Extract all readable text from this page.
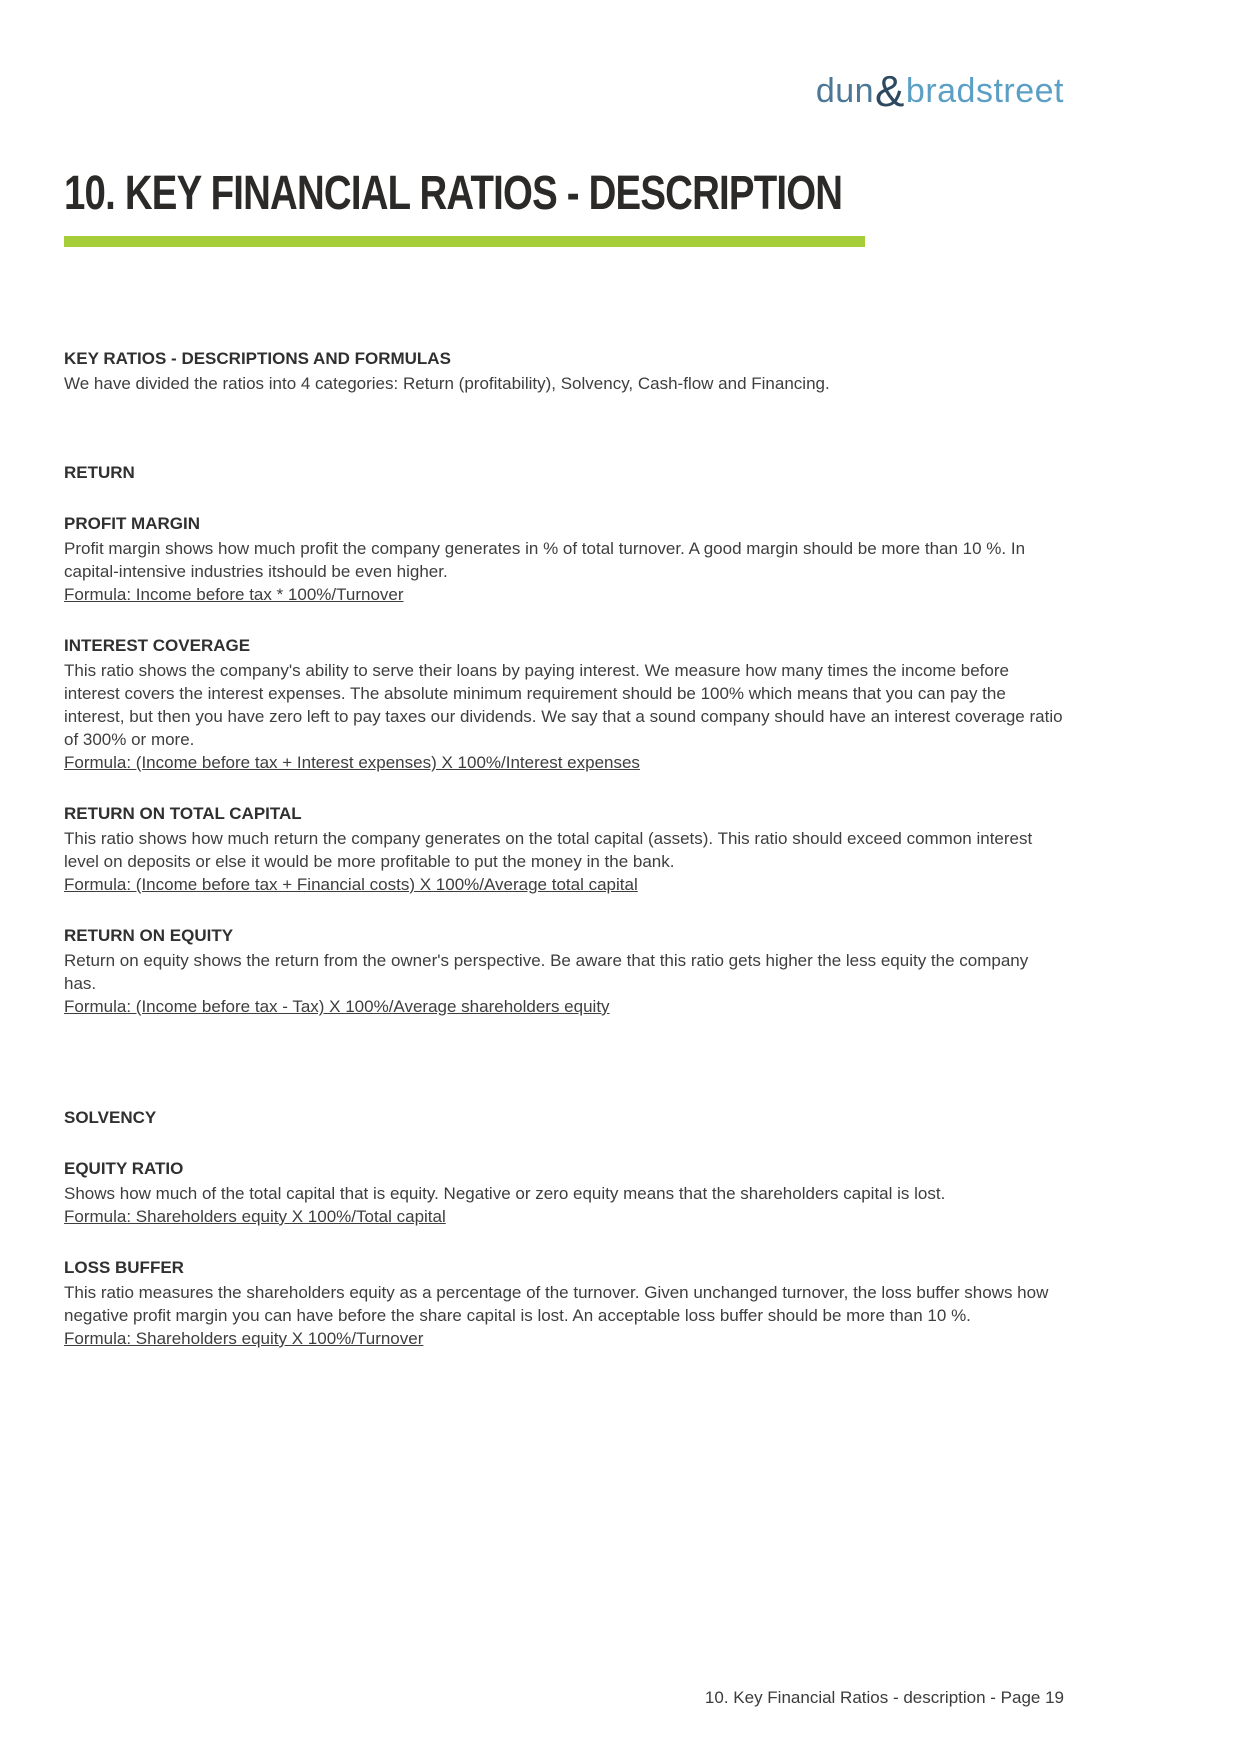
dun&bradstreet
10. KEY FINANCIAL RATIOS - DESCRIPTION
KEY RATIOS - DESCRIPTIONS AND FORMULAS
We have divided the ratios into 4 categories: Return (profitability), Solvency, Cash-flow and Financing.
RETURN
PROFIT MARGIN
Profit margin shows how much profit the company generates in % of total turnover. A good margin should be more than 10 %. In capital-intensive industries itshould be even higher.
Formula: Income before tax * 100%/Turnover
INTEREST COVERAGE
This ratio shows the company's ability to serve their loans by paying interest. We measure how many times the income before interest covers the interest expenses. The absolute minimum requirement should be 100% which means that you can pay the interest, but then you have zero left to pay taxes our dividends. We say that a sound company should have an interest coverage ratio of 300% or more.
Formula: (Income before tax + Interest expenses) X 100%/Interest expenses
RETURN ON TOTAL CAPITAL
This ratio shows how much return the company generates on the total capital (assets). This ratio should exceed common interest level on deposits or else it would be more profitable to put the money in the bank.
Formula: (Income before tax + Financial costs) X 100%/Average total capital
RETURN ON EQUITY
Return on equity shows the return from the owner's perspective. Be aware that this ratio gets higher the less equity the company has.
Formula: (Income before tax - Tax) X 100%/Average shareholders equity
SOLVENCY
EQUITY RATIO
Shows how much of the total capital that is equity. Negative or zero equity means that the shareholders capital is lost.
Formula: Shareholders equity X 100%/Total capital
LOSS BUFFER
This ratio measures the shareholders equity as a percentage of the turnover. Given unchanged turnover, the loss buffer shows how negative profit margin you can have before the share capital is lost. An acceptable loss buffer should be more than 10 %.
Formula: Shareholders equity X 100%/Turnover
10. Key Financial Ratios - description - Page 19
